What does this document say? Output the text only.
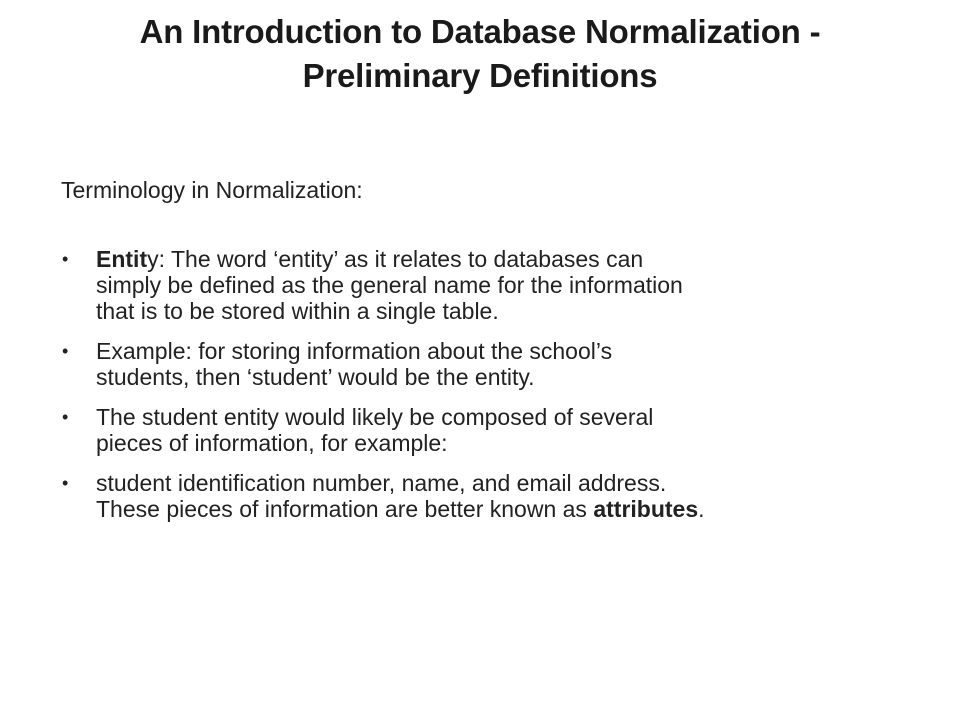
An Introduction to Database Normalization -
Preliminary Definitions
Terminology in Normalization:
• Entity: The word ‘entity’ as it relates to databases can
simply be defined as the general name for the information
that is to be stored within a single table.
• Example: for storing information about the school’s
students, then ‘student’ would be the entity.
• The student entity would likely be composed of several
pieces of information, for example:
• student identification number, name, and email address.
These pieces of information are better known as attributes.
